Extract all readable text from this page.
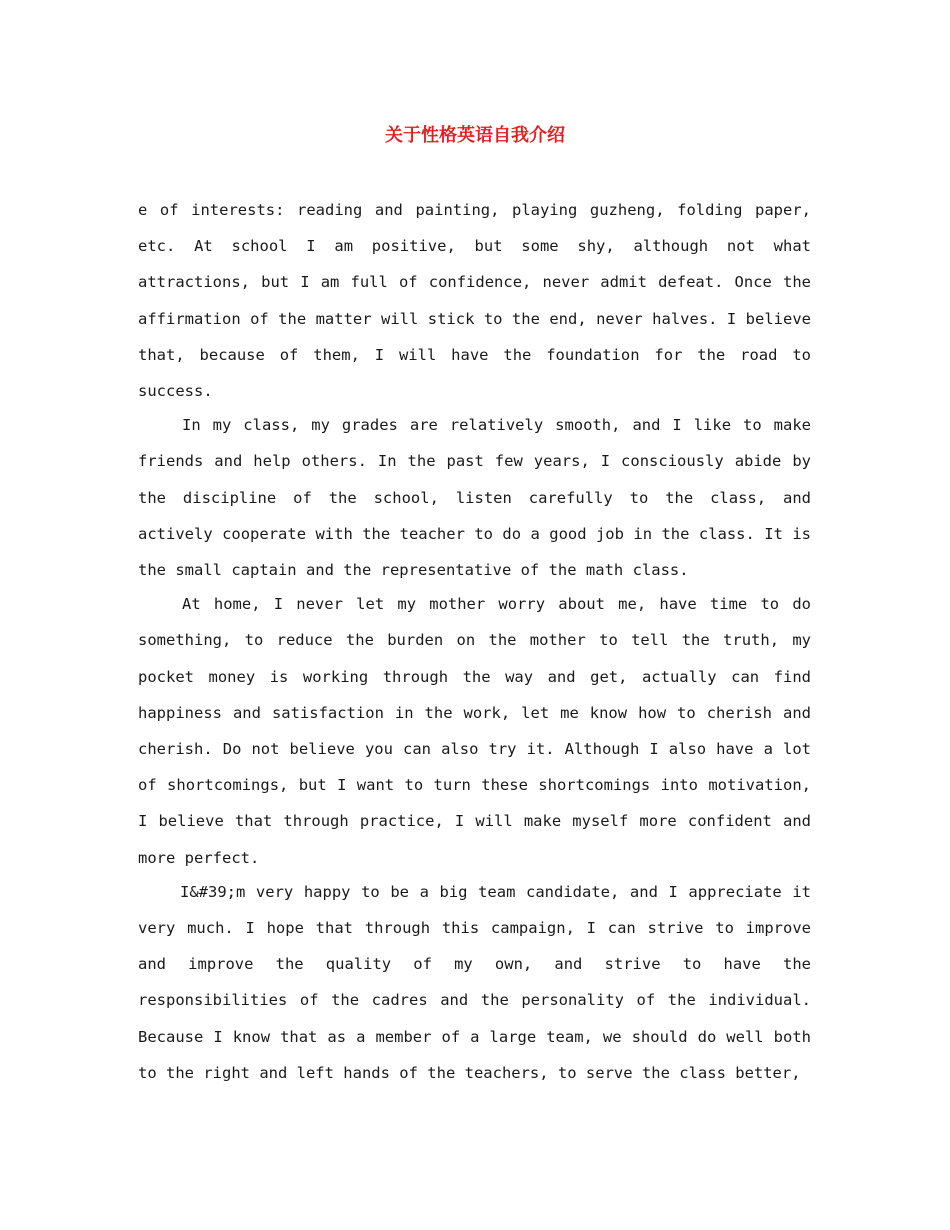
关于性格英语自我介绍

e of interests: reading and painting, playing guzheng, folding paper, etc. At school I am positive, but some shy, although not what attractions, but I am full of confidence, never admit defeat. Once the affirmation of the matter will stick to the end, never halves. I believe that, because of them, I will have the foundation for the road to success.

In my class, my grades are relatively smooth, and I like to make friends and help others. In the past few years, I consciously abide by the discipline of the school, listen carefully to the class, and actively cooperate with the teacher to do a good job in the class. It is the small captain and the representative of the math class.

At home, I never let my mother worry about me, have time to do something, to reduce the burden on the mother to tell the truth, my pocket money is working through the way and get, actually can find happiness and satisfaction in the work, let me know how to cherish and cherish. Do not believe you can also try it. Although I also have a lot of shortcomings, but I want to turn these shortcomings into motivation, I believe that through practice, I will make myself more confident and more perfect.

I&#39;m very happy to be a big team candidate, and I appreciate it very much. I hope that through this campaign, I can strive to improve and improve the quality of my own, and strive to have the responsibilities of the cadres and the personality of the individual. Because I know that as a member of a large team, we should do well both to the right and left hands of the teachers, to serve the class better,
